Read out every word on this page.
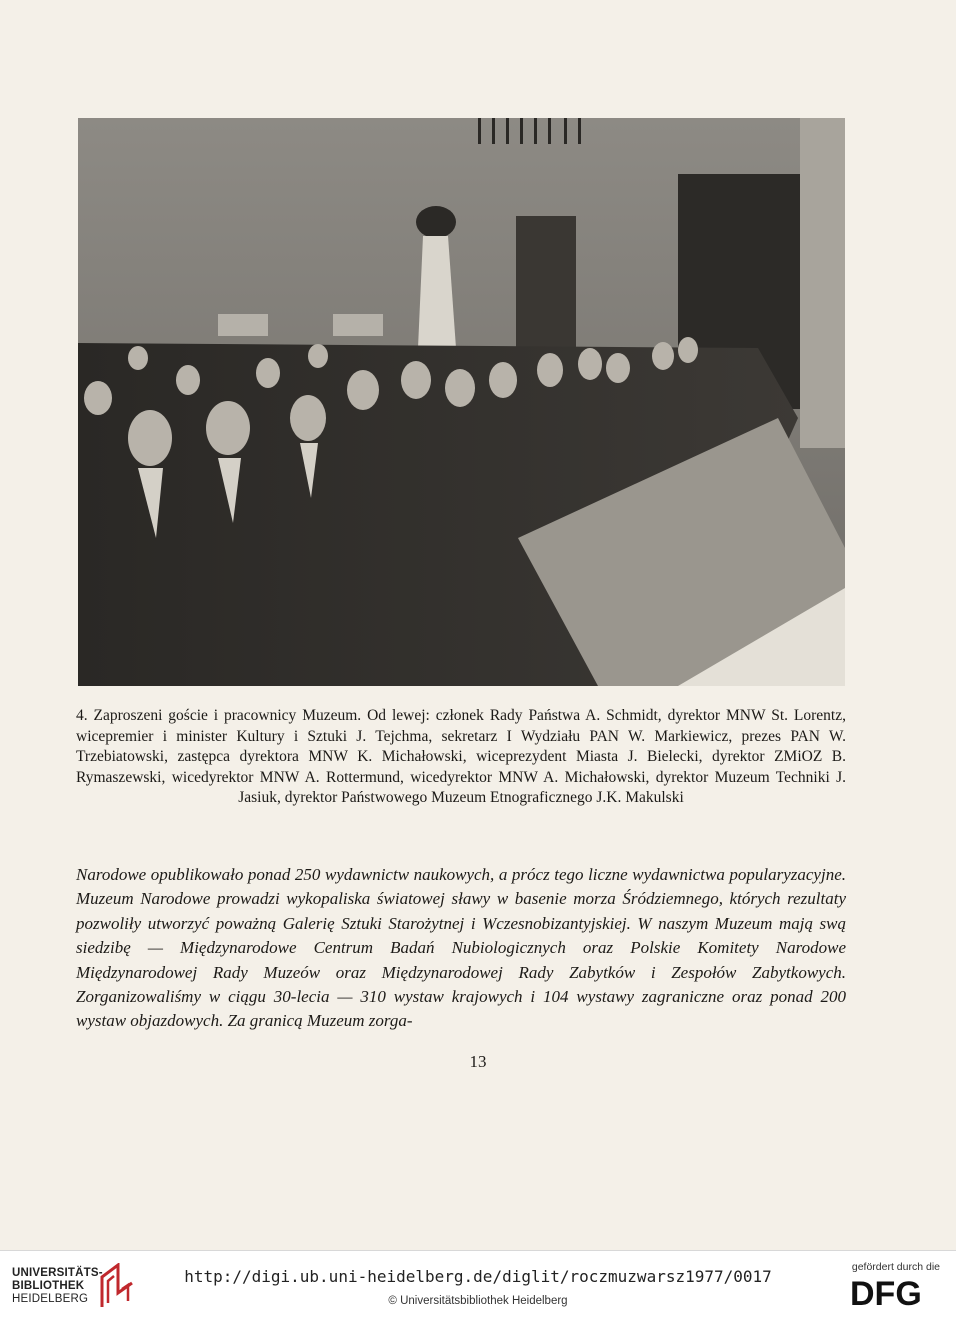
4. Zaproszeni goście i pracownicy Muzeum. Od lewej: członek Rady Państwa A. Schmidt, dyrektor MNW St. Lorentz, wicepremier i minister Kultury i Sztuki J. Tejchma, sekretarz I Wydziału PAN W. Markiewicz, prezes PAN W. Trzebiatowski, zastępca dyrektora MNW K. Michałowski, wiceprezydent Miasta J. Bielecki, dyrektor ZMiOZ B. Rymaszewski, wicedyrektor MNW A. Rottermund, wicedyrektor MNW A. Michałowski, dyrektor Muzeum Techniki J. Jasiuk, dyrektor Państwowego Muzeum Etnograficznego J.K. Makulski
Narodowe opublikowało ponad 250 wydawnictw naukowych, a prócz tego liczne wydawnictwa popularyzacyjne. Muzeum Narodowe prowadzi wykopaliska światowej sławy w basenie morza Śródziemnego, których rezultaty pozwoliły utworzyć poważną Galerię Sztuki Starożytnej i Wczesnobizantyjskiej. W naszym Muzeum mają swą siedzibę — Międzynarodowe Centrum Badań Nubiologicznych oraz Polskie Komitety Narodowe Międzynarodowej Rady Muzeów oraz Międzynarodowej Rady Zabytków i Zespołów Zabytkowych. Zorganizowaliśmy w ciągu 30-lecia — 310 wystaw krajowych i 104 wystawy zagraniczne oraz ponad 200 wystaw objazdowych. Za granicą Muzeum zorga-
13
UNIVERSITÄTS-
BIBLIOTHEK
HEIDELBERG
http://digi.ub.uni-heidelberg.de/diglit/roczmuzwarsz1977/0017
© Universitätsbibliothek Heidelberg
gefördert durch die
DFG
